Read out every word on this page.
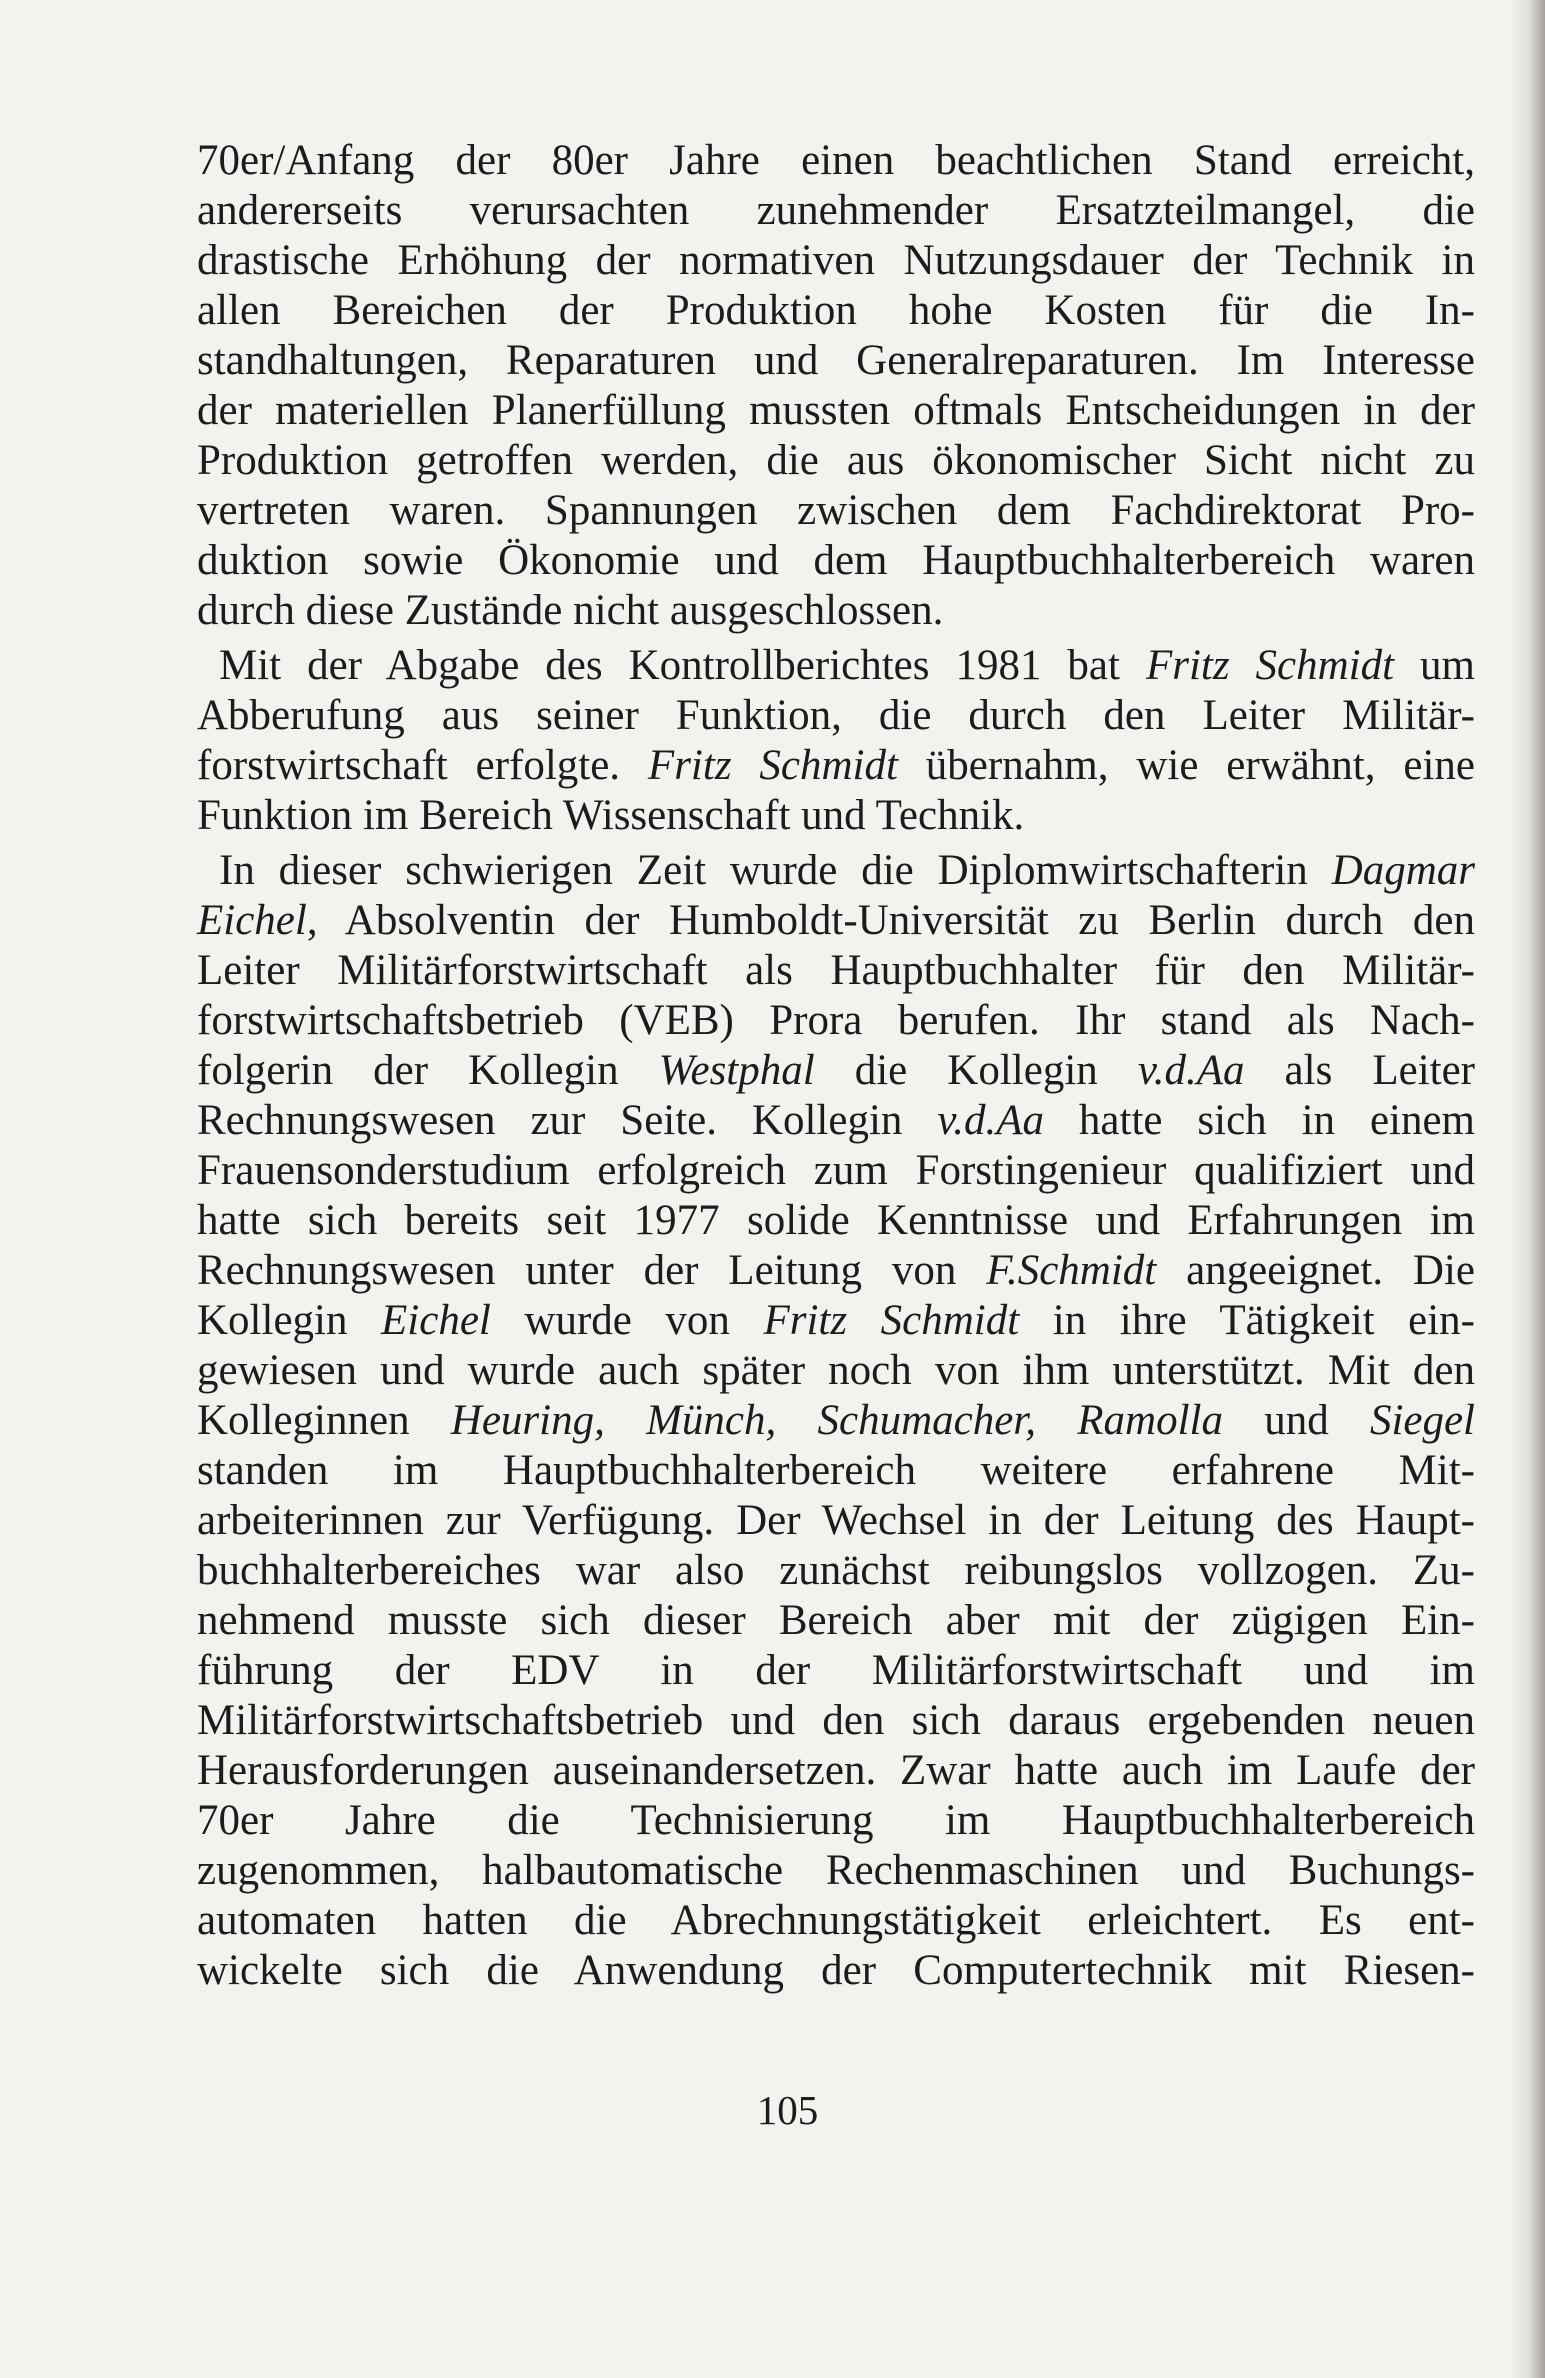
70er/Anfang der 80er Jahre einen beachtlichen Stand erreicht,
andererseits verursachten zunehmender Ersatzteilmangel, die
drastische Erhöhung der normativen Nutzungsdauer der Technik in
allen Bereichen der Produktion hohe Kosten für die In-
standhaltungen, Reparaturen und Generalreparaturen. Im Interesse
der materiellen Planerfüllung mussten oftmals Entscheidungen in der
Produktion getroffen werden, die aus ökonomischer Sicht nicht zu
vertreten waren. Spannungen zwischen dem Fachdirektorat Pro-
duktion sowie Ökonomie und dem Hauptbuchhalterbereich waren
durch diese Zustände nicht ausgeschlossen.
Mit der Abgabe des Kontrollberichtes 1981 bat Fritz Schmidt um
Abberufung aus seiner Funktion, die durch den Leiter Militär-
forstwirtschaft erfolgte. Fritz Schmidt übernahm, wie erwähnt, eine
Funktion im Bereich Wissenschaft und Technik.
In dieser schwierigen Zeit wurde die Diplomwirtschafterin Dagmar
Eichel, Absolventin der Humboldt-Universität zu Berlin durch den
Leiter Militärforstwirtschaft als Hauptbuchhalter für den Militär-
forstwirtschaftsbetrieb (VEB) Prora berufen. Ihr stand als Nach-
folgerin der Kollegin Westphal die Kollegin v.d.Aa als Leiter
Rechnungswesen zur Seite. Kollegin v.d.Aa hatte sich in einem
Frauensonderstudium erfolgreich zum Forstingenieur qualifiziert und
hatte sich bereits seit 1977 solide Kenntnisse und Erfahrungen im
Rechnungswesen unter der Leitung von F.Schmidt angeeignet. Die
Kollegin Eichel wurde von Fritz Schmidt in ihre Tätigkeit ein-
gewiesen und wurde auch später noch von ihm unterstützt. Mit den
Kolleginnen Heuring, Münch, Schumacher, Ramolla und Siegel
standen im Hauptbuchhalterbereich weitere erfahrene Mit-
arbeiterinnen zur Verfügung. Der Wechsel in der Leitung des Haupt-
buchhalterbereiches war also zunächst reibungslos vollzogen. Zu-
nehmend musste sich dieser Bereich aber mit der zügigen Ein-
führung der EDV in der Militärforstwirtschaft und im
Militärforstwirtschaftsbetrieb und den sich daraus ergebenden neuen
Herausforderungen auseinandersetzen. Zwar hatte auch im Laufe der
70er Jahre die Technisierung im Hauptbuchhalterbereich
zugenommen, halbautomatische Rechenmaschinen und Buchungs-
automaten hatten die Abrechnungstätigkeit erleichtert. Es ent-
wickelte sich die Anwendung der Computertechnik mit Riesen-
105
